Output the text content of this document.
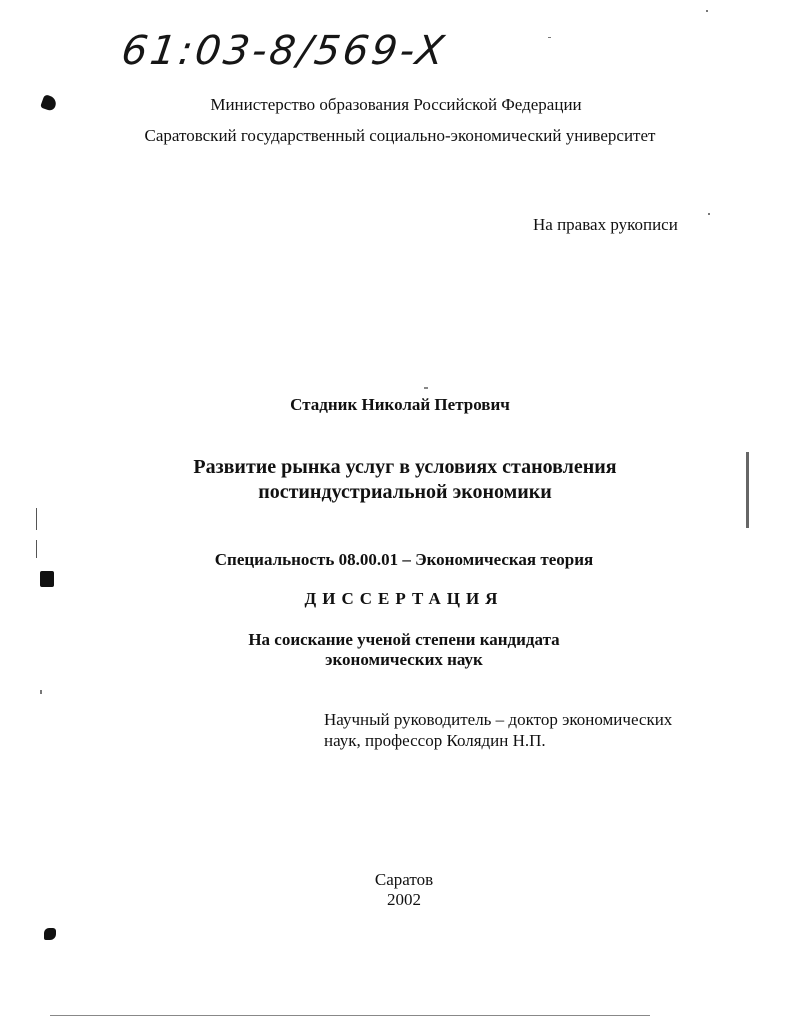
61:03-8/569-X
Министерство образования Российской Федерации
Саратовский государственный социально-экономический университет
На правах рукописи
Стадник Николай Петрович
Развитие рынка услуг в условиях становления
постиндустриальной экономики
Специальность 08.00.01 – Экономическая теория
ДИССЕРТАЦИЯ
На соискание ученой степени кандидата
экономических наук
Научный руководитель – доктор экономических
наук, профессор Колядин Н.П.
Саратов
2002
